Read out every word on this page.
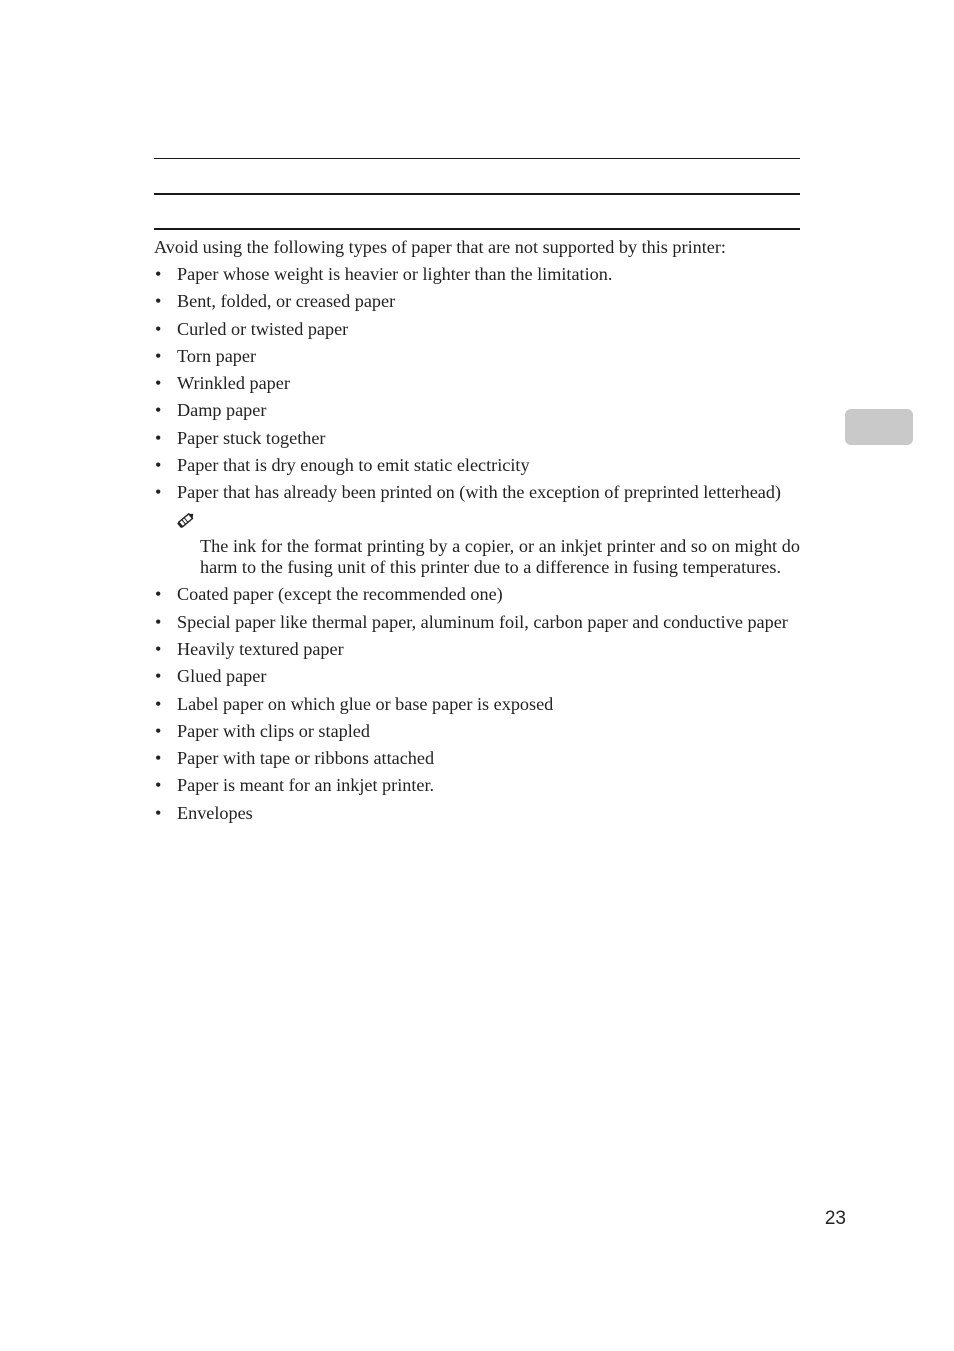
Avoid using the following types of paper that are not supported by this printer:

• Paper whose weight is heavier or lighter than the limitation.
• Bent, folded, or creased paper
• Curled or twisted paper
• Torn paper
• Wrinkled paper
• Damp paper
• Paper stuck together
• Paper that is dry enough to emit static electricity
• Paper that has already been printed on (with the exception of preprinted letterhead)
The ink for the format printing by a copier, or an inkjet printer and so on might do harm to the fusing unit of this printer due to a difference in fusing temperatures.
• Coated paper (except the recommended one)
• Special paper like thermal paper, aluminum foil, carbon paper and conductive paper
• Heavily textured paper
• Glued paper
• Label paper on which glue or base paper is exposed
• Paper with clips or stapled
• Paper with tape or ribbons attached
• Paper is meant for an inkjet printer.
• Envelopes
23
